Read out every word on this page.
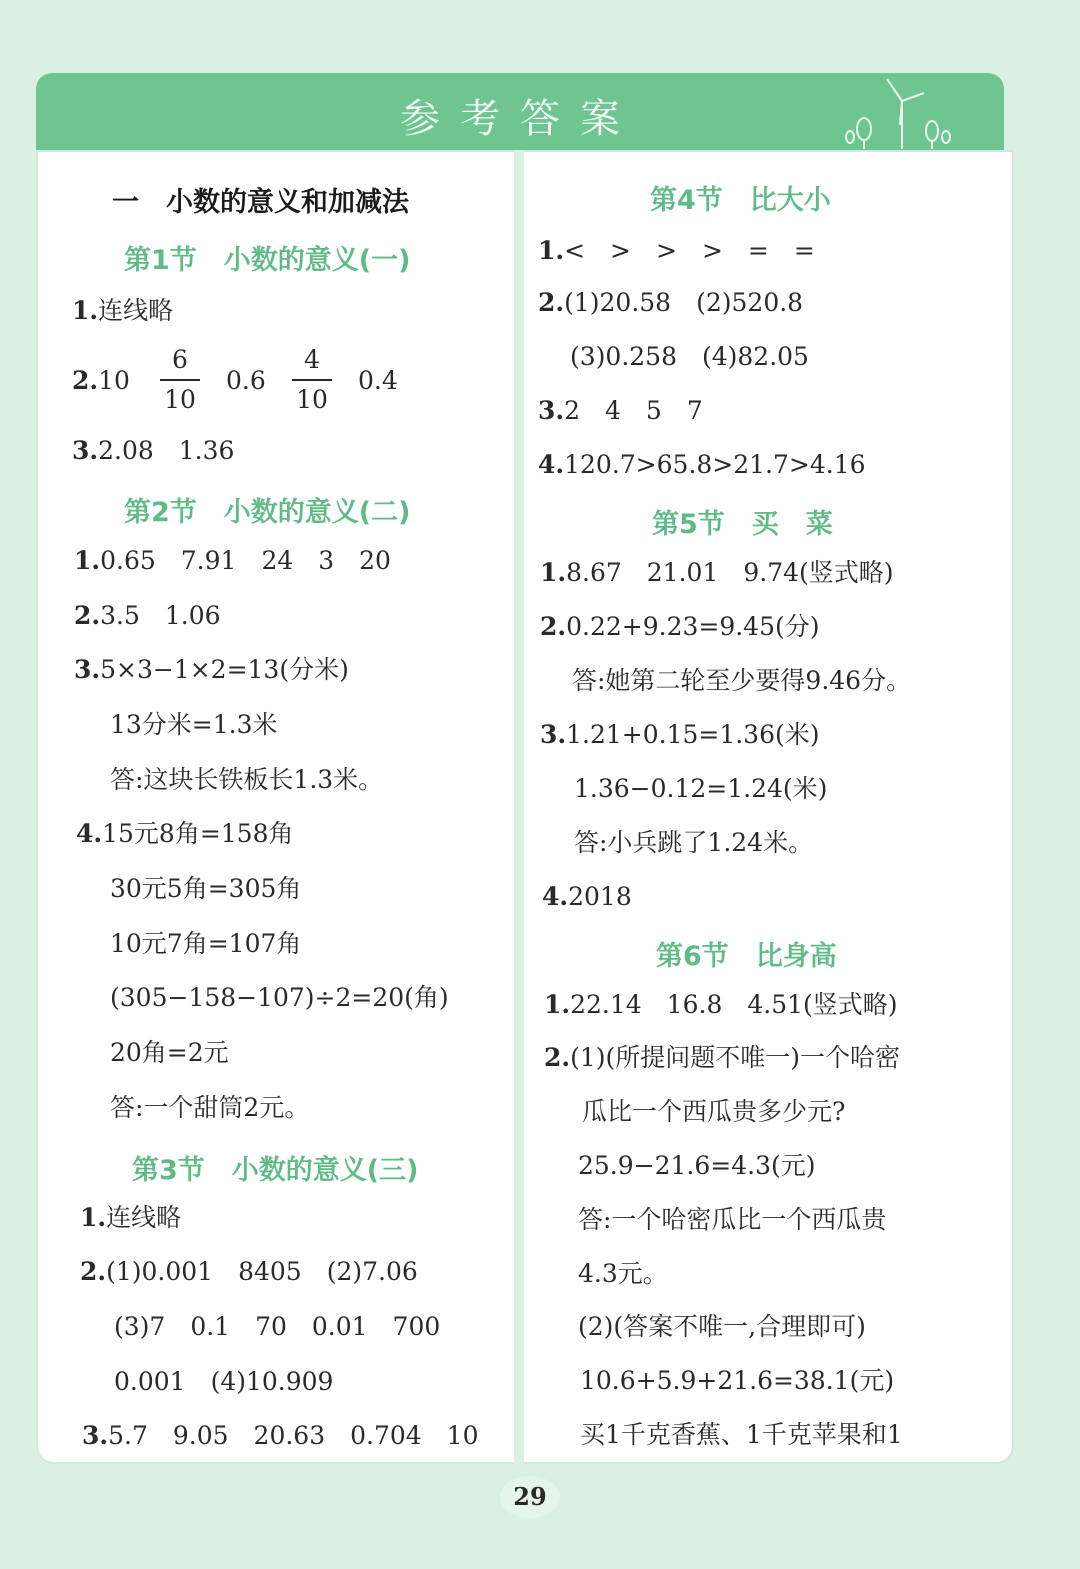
参考答案
一　小数的意义和加减法
第1节　小数的意义(一)
1.连线略
2.10
6
10
0.6
4
10
0.4
3.2.08　1.36
第2节　小数的意义(二)
1.0.65　7.91　24　3　20
2.3.5　1.06
3.5×3−1×2=13(分米)
13分米=1.3米
答:这块长铁板长1.3米。
4.15元8角=158角
30元5角=305角
10元7角=107角
(305−158−107)÷2=20(角)
20角=2元
答:一个甜筒2元。
第3节　小数的意义(三)
1.连线略
2.(1)0.001　8405　(2)7.06
(3)7　0.1　70　0.01　700
0.001　(4)10.909
3.5.7　9.05　20.63　0.704　10
第4节　比大小
1.<　>　>　>　=　=
2.(1)20.58　(2)520.8
(3)0.258　(4)82.05
3.2　4　5　7
4.120.7>65.8>21.7>4.16
第5节　买　菜
1.8.67　21.01　9.74(竖式略)
2.0.22+9.23=9.45(分)
答:她第二轮至少要得9.46分。
3.1.21+0.15=1.36(米)
1.36−0.12=1.24(米)
答:小兵跳了1.24米。
4.2018
第6节　比身高
1.22.14　16.8　4.51(竖式略)
2.(1)(所提问题不唯一)一个哈密
瓜比一个西瓜贵多少元?
25.9−21.6=4.3(元)
答:一个哈密瓜比一个西瓜贵
4.3元。
(2)(答案不唯一,合理即可)
10.6+5.9+21.6=38.1(元)
买1千克香蕉、1千克苹果和1
29
